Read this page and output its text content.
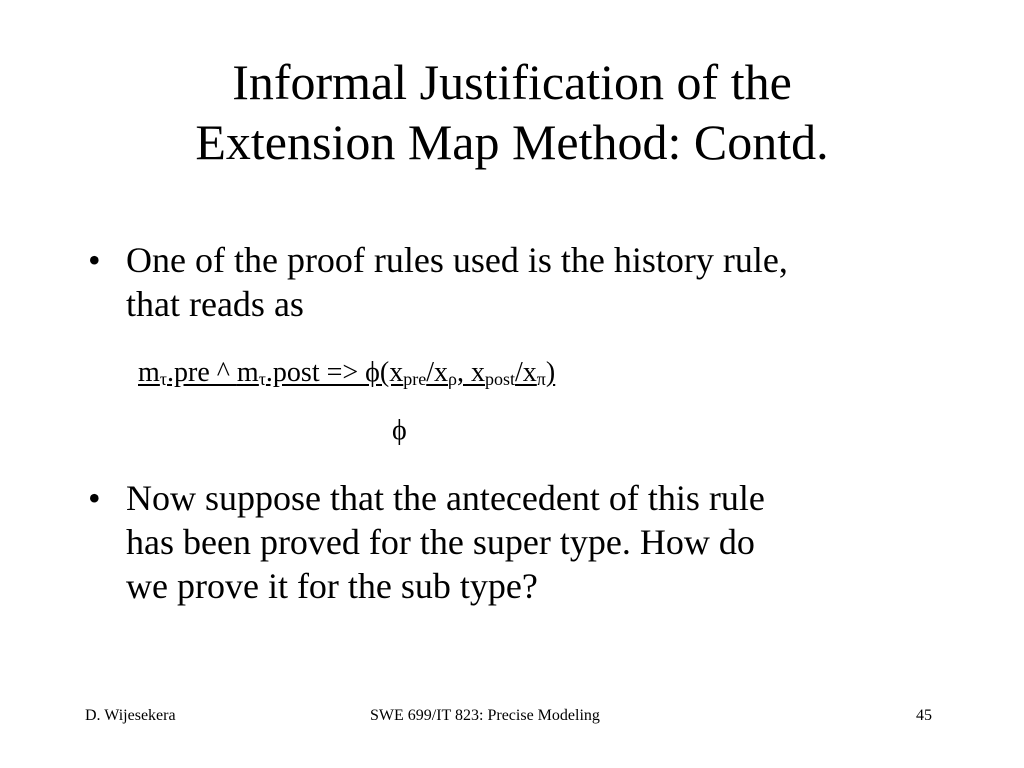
Informal Justification of the
Extension Map Method: Contd.
• One of the proof rules used is the history rule,
that reads as
$m_\tau.pre$ ^ $m_\tau.post => \phi(x_{pre}/x_\rho$, $x_{post}/x_\pi$)
ϕ
• Now suppose that the antecedent of this rule
has been proved for the super type. How do
we prove it for the sub type?
D. Wijesekera	SWE 699/IT 823: Precise Modeling	45
